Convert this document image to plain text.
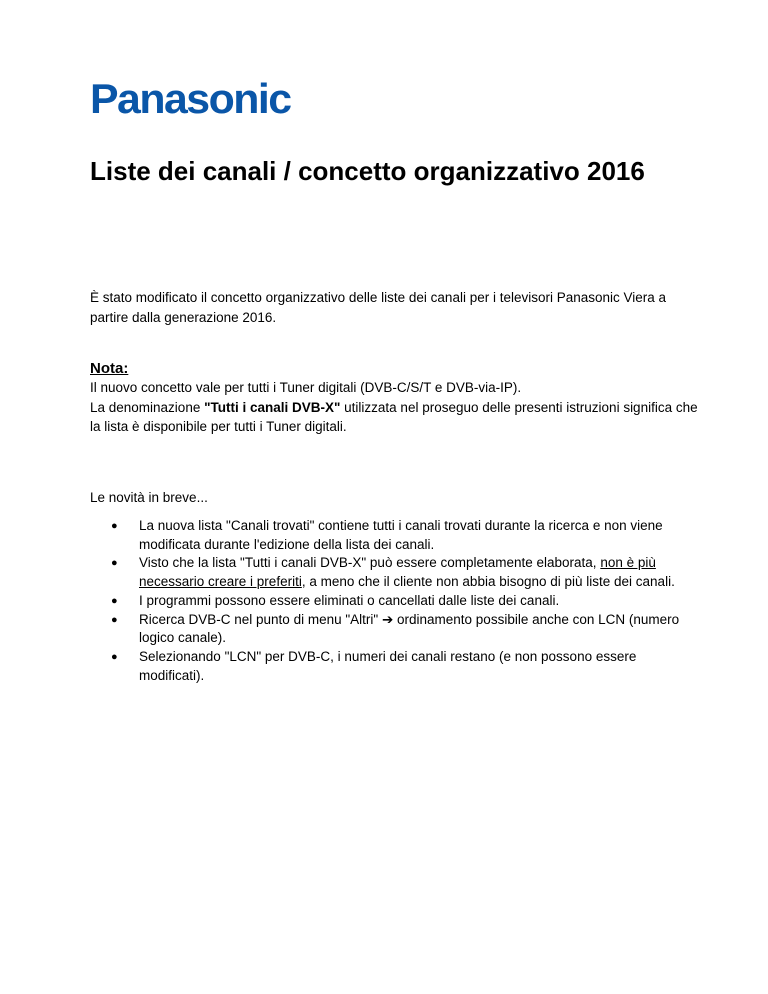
Panasonic
Liste dei canali / concetto organizzativo 2016

È stato modificato il concetto organizzativo delle liste dei canali per i televisori Panasonic Viera a partire dalla generazione 2016.

Nota:

Il nuovo concetto vale per tutti i Tuner digitali (DVB-C/S/T e DVB-via-IP).
La denominazione "Tutti i canali DVB-X" utilizzata nel proseguo delle presenti istruzioni significa che la lista è disponibile per tutti i Tuner digitali.

Le novità in breve...

● La nuova lista "Canali trovati" contiene tutti i canali trovati durante la ricerca e non viene modificata durante l'edizione della lista dei canali.
● Visto che la lista "Tutti i canali DVB-X" può essere completamente elaborata, non è più necessario creare i preferiti, a meno che il cliente non abbia bisogno di più liste dei canali.
● I programmi possono essere eliminati o cancellati dalle liste dei canali.
● Ricerca DVB-C nel punto di menu "Altri" ➔ ordinamento possibile anche con LCN (numero logico canale).
● Selezionando "LCN" per DVB-C, i numeri dei canali restano (e non possono essere modificati).
